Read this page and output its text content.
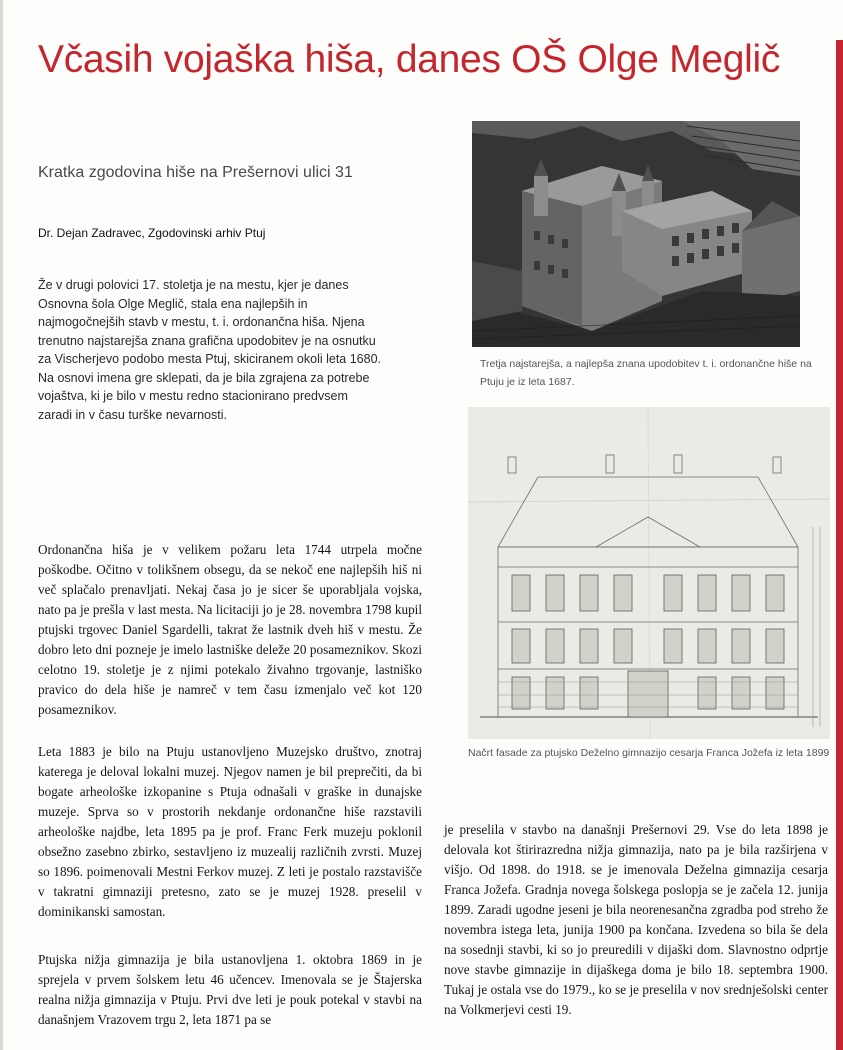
Včasih vojaška hiša, danes OŠ Olge Meglič
Kratka zgodovina hiše na Prešernovi ulici 31
Dr. Dejan Zadravec, Zgodovinski arhiv Ptuj

Že v drugi polovici 17. stoletja je na mestu, kjer je danes Osnovna šola Olge Meglič, stala ena najlepših in najmogočnejših stavb v mestu, t. i. ordonančna hiša. Njena trenutno najstarejša znana grafična upodobitev je na osnutku za Vischerjevo podobo mesta Ptuj, skiciranem okoli leta 1680. Na osnovi imena gre sklepati, da je bila zgrajena za potrebe vojaštva, ki je bilo v mestu redno stacionirano predvsem zaradi in v času turške nevarnosti.

Tretja najstarejša, a najlepša znana upodobitev t. i. ordonančne hiše na Ptuju je iz leta 1687.
Načrt fasade za ptujsko Deželno gimnazijo cesarja Franca Jožefa iz leta 1899

Ordonančna hiša je v velikem požaru leta 1744 utrpela močne poškodbe. Očitno v tolikšnem obsegu, da se nekoč ene najlepših hiš ni več splačalo prenavljati. Nekaj časa jo je sicer še uporabljala vojska, nato pa je prešla v last mesta. Na licitaciji jo je 28. novembra 1798 kupil ptujski trgovec Daniel Sgardelli, takrat že lastnik dveh hiš v mestu. Že dobro leto dni pozneje je imelo lastniške deleže 20 posameznikov. Skozi celotno 19. stoletje je z njimi potekalo živahno trgovanje, lastniško pravico do dela hiše je namreč v tem času izmenjalo več kot 120 posameznikov.

Leta 1883 je bilo na Ptuju ustanovljeno Muzejsko društvo, znotraj katerega je deloval lokalni muzej. Njegov namen je bil preprečiti, da bi bogate arheološke izkopanine s Ptuja odnašali v graške in dunajske muzeje. Sprva so v prostorih nekdanje ordonančne hiše razstavili arheološke najdbe, leta 1895 pa je prof. Franc Ferk muzeju poklonil obsežno zasebno zbirko, sestavljeno iz muzealij različnih zvrsti. Muzej so 1896. poimenovali Mestni Ferkov muzej. Z leti je postalo razstavišče v takratni gimnaziji pretesno, zato se je muzej 1928. preselil v dominikanski samostan.

Ptujska nižja gimnazija je bila ustanovljena 1. oktobra 1869 in je sprejela v prvem šolskem letu 46 učencev. Imenovala se je Štajerska realna nižja gimnazija v Ptuju. Prvi dve leti je pouk potekal v stavbi na današnjem Vrazovem trgu 2, leta 1871 pa se

je preselila v stavbo na današnji Prešernovi 29. Vse do leta 1898 je delovala kot štirirazredna nižja gimnazija, nato pa je bila razširjena v višjo. Od 1898. do 1918. se je imenovala Deželna gimnazija cesarja Franca Jožefa. Gradnja novega šolskega poslopja se je začela 12. junija 1899. Zaradi ugodne jeseni je bila neorenesančna zgradba pod streho že novembra istega leta, junija 1900 pa končana. Izvedena so bila še dela na sosednji stavbi, ki so jo preuredili v dijaški dom. Slavnostno odprtje nove stavbe gimnazije in dijaškega doma je bilo 18. septembra 1900. Tukaj je ostala vse do 1979., ko se je preselila v nov srednješolski center na Volkmerjevi cesti 19.
